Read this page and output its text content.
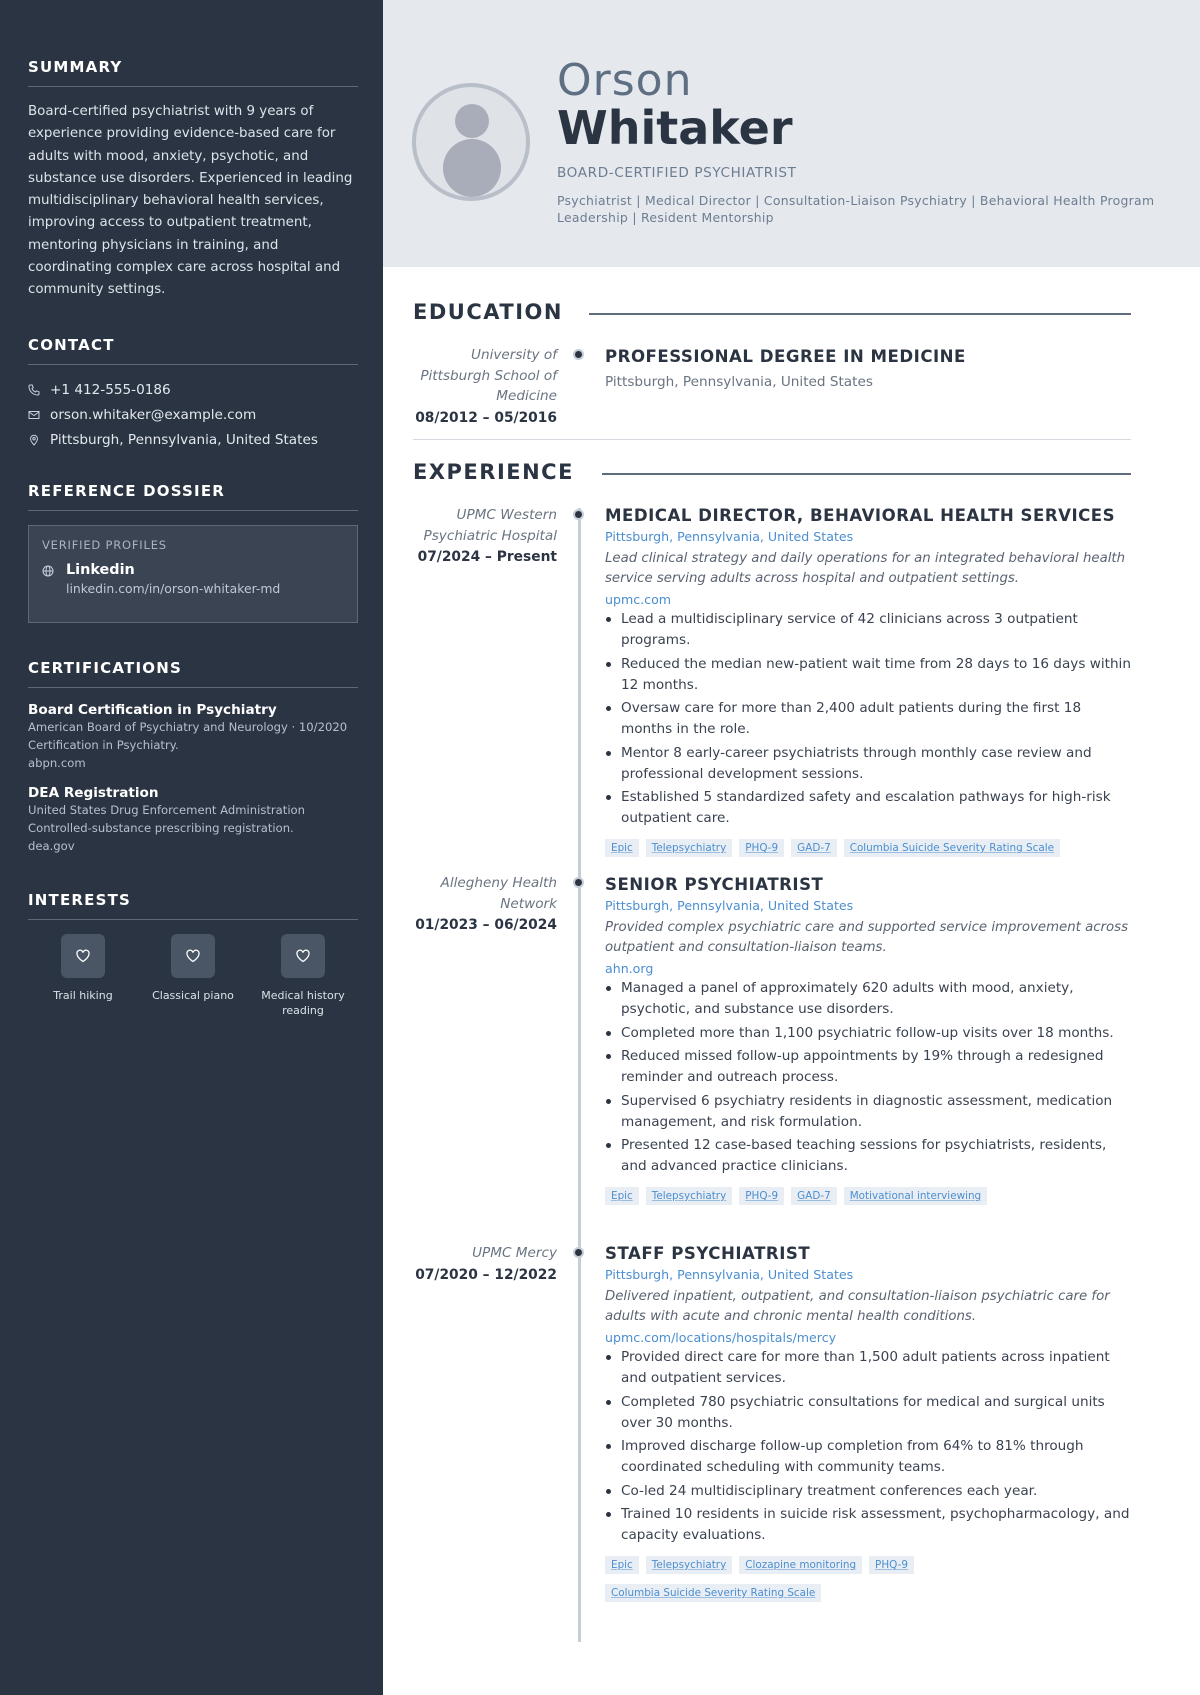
SUMMARY

Board-certified psychiatrist with 9 years of experience providing evidence-based care for adults with mood, anxiety, psychotic, and substance use disorders. Experienced in leading multidisciplinary behavioral health services, improving access to outpatient treatment, mentoring physicians in training, and coordinating complex care across hospital and community settings.

CONTACT
+1 412-555-0186
orson.whitaker@example.com
Pittsburgh, Pennsylvania, United States
REFERENCE DOSSIER
VERIFIED PROFILES
Linkedin
linkedin.com/in/orson-whitaker-md
CERTIFICATIONS
Board Certification in Psychiatry
American Board of Psychiatry and Neurology · 10/2020
Certification in Psychiatry.
abpn.com
DEA Registration
United States Drug Enforcement Administration
Controlled-substance prescribing registration.
dea.gov
INTERESTS
Trail hiking	Classical piano	Medical history reading
Orson
Whitaker
BOARD-CERTIFIED PSYCHIATRIST
Psychiatrist | Medical Director | Consultation-Liaison Psychiatry | Behavioral Health Program Leadership | Resident Mentorship
EDUCATION
University of Pittsburgh School of Medicine
08/2012 – 05/2016
PROFESSIONAL DEGREE IN MEDICINE
Pittsburgh, Pennsylvania, United States
EXPERIENCE
UPMC Western Psychiatric Hospital
07/2024 – Present
MEDICAL DIRECTOR, BEHAVIORAL HEALTH SERVICES
Pittsburgh, Pennsylvania, United States
Lead clinical strategy and daily operations for an integrated behavioral health service serving adults across hospital and outpatient settings.
upmc.com
Lead a multidisciplinary service of 42 clinicians across 3 outpatient programs.
Reduced the median new-patient wait time from 28 days to 16 days within 12 months.
Oversaw care for more than 2,400 adult patients during the first 18 months in the role.
Mentor 8 early-career psychiatrists through monthly case review and professional development sessions.
Established 5 standardized safety and escalation pathways for high-risk outpatient care.
Epic	Telepsychiatry	PHQ-9	GAD-7	Columbia Suicide Severity Rating Scale
Allegheny Health Network
01/2023 – 06/2024
SENIOR PSYCHIATRIST
Pittsburgh, Pennsylvania, United States
Provided complex psychiatric care and supported service improvement across outpatient and consultation-liaison teams.
ahn.org
Managed a panel of approximately 620 adults with mood, anxiety, psychotic, and substance use disorders.
Completed more than 1,100 psychiatric follow-up visits over 18 months.
Reduced missed follow-up appointments by 19% through a redesigned reminder and outreach process.
Supervised 6 psychiatry residents in diagnostic assessment, medication management, and risk formulation.
Presented 12 case-based teaching sessions for psychiatrists, residents, and advanced practice clinicians.
Epic	Telepsychiatry	PHQ-9	GAD-7	Motivational interviewing
UPMC Mercy
07/2020 – 12/2022
STAFF PSYCHIATRIST
Pittsburgh, Pennsylvania, United States
Delivered inpatient, outpatient, and consultation-liaison psychiatric care for adults with acute and chronic mental health conditions.
upmc.com/locations/hospitals/mercy
Provided direct care for more than 1,500 adult patients across inpatient and outpatient services.
Completed 780 psychiatric consultations for medical and surgical units over 30 months.
Improved discharge follow-up completion from 64% to 81% through coordinated scheduling with community teams.
Co-led 24 multidisciplinary treatment conferences each year.
Trained 10 residents in suicide risk assessment, psychopharmacology, and capacity evaluations.
Epic	Telepsychiatry	Clozapine monitoring	PHQ-9
Columbia Suicide Severity Rating Scale
